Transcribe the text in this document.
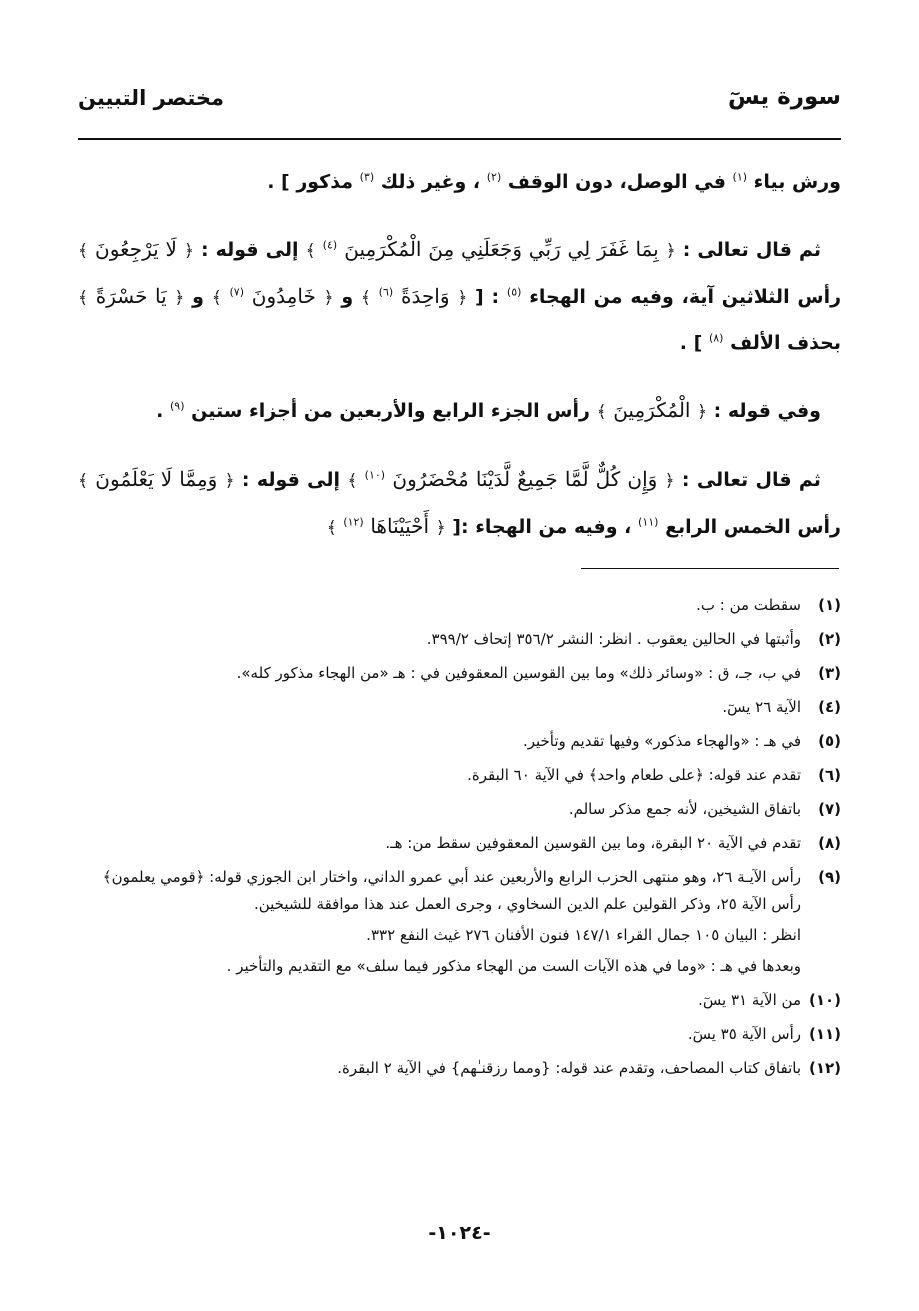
سورة يسٓ
مختصر التبيين

ورش بياء $^{(١)}$ في الوصل، دون الوقف $^{(٢)}$ ، وغير ذلك $^{(٣)}$ مذكور ] .

ثم قال تعالى : ﴿ بِمَا غَفَرَ لِي رَبِّي وَجَعَلَنِي مِنَ الْمُكْرَمِينَ $^{(٤)}$ ﴾ إلى قوله : ﴿ لَا يَرْجِعُونَ ﴾ رأس الثلاثين آية، وفيه من الهجاء $^{(٥)}$ : [ ﴿ وَاحِدَةً $^{(٦)}$ ﴾ و ﴿ خَامِدُونَ $^{(٧)}$ ﴾ و ﴿ يَا حَسْرَةً ﴾ بحذف الألف $^{(٨)}$ ] .

وفي قوله : ﴿ الْمُكْرَمِينَ ﴾ رأس الجزء الرابع والأربعين من أجزاء ستين $^{(٩)}$ .

ثم قال تعالى : ﴿ وَإِن كُلٌّ لَّمَّا جَمِيعٌ لَّدَيْنَا مُحْضَرُونَ $^{(١٠)}$ ﴾ إلى قوله : ﴿ وَمِمَّا لَا يَعْلَمُونَ ﴾ رأس الخمس الرابع $^{(١١)}$ ، وفيه من الهجاء :[ ﴿ أَحْيَيْنَاهَا $^{(١٢)}$ ﴾

(١)
سقطت من : ب.
(٢)
وأثبتها في الحالين يعقوب . انظر: النشر ٣٥٦/٢ إتحاف ٣٩٩/٢.
(٣)
في ب، جـ، ق : «وسائر ذلك» وما بين القوسين المعقوفين في : هـ «من الهجاء مذكور كله».
(٤)
الآية ٢٦ يسٓ.
(٥)
في هـ : «والهجاء مذكور» وفيها تقديم وتأخير.
(٦)
تقدم عند قوله: ﴿على طعام واحد﴾ في الآية ٦٠ البقرة.
(٧)
باتفاق الشيخين، لأنه جمع مذكر سالم.
(٨)
تقدم في الآية ٢٠ البقرة، وما بين القوسين المعقوفين سقط من: هـ.
(٩)
رأس الآيـة ٢٦، وهو منتهى الحزب الرابع والأربعين عند أبي عمرو الداني، واختار ابن الجوزي قوله: ﴿قومي يعلمون﴾ رأس الآية ٢٥، وذكر القولين علم الدين السخاوي ، وجرى العمل عند هذا موافقة للشيخين.
انظر : البيان ١٠٥ جمال القراء ١٤٧/١ فنون الأفنان ٢٧٦ غيث النفع ٣٣٢.
وبعدها في هـ : «وما في هذه الآيات الست من الهجاء مذكور فيما سلف» مع التقديم والتأخير .
(١٠)
من الآية ٣١ يسٓ.
(١١)
رأس الآية ٣٥ يسٓ.
(١٢)
باتفاق كتاب المصاحف، وتقدم عند قوله: {ومما رزقنـٰهم} في الآية ٢ البقرة.
-١٠٢٤-
